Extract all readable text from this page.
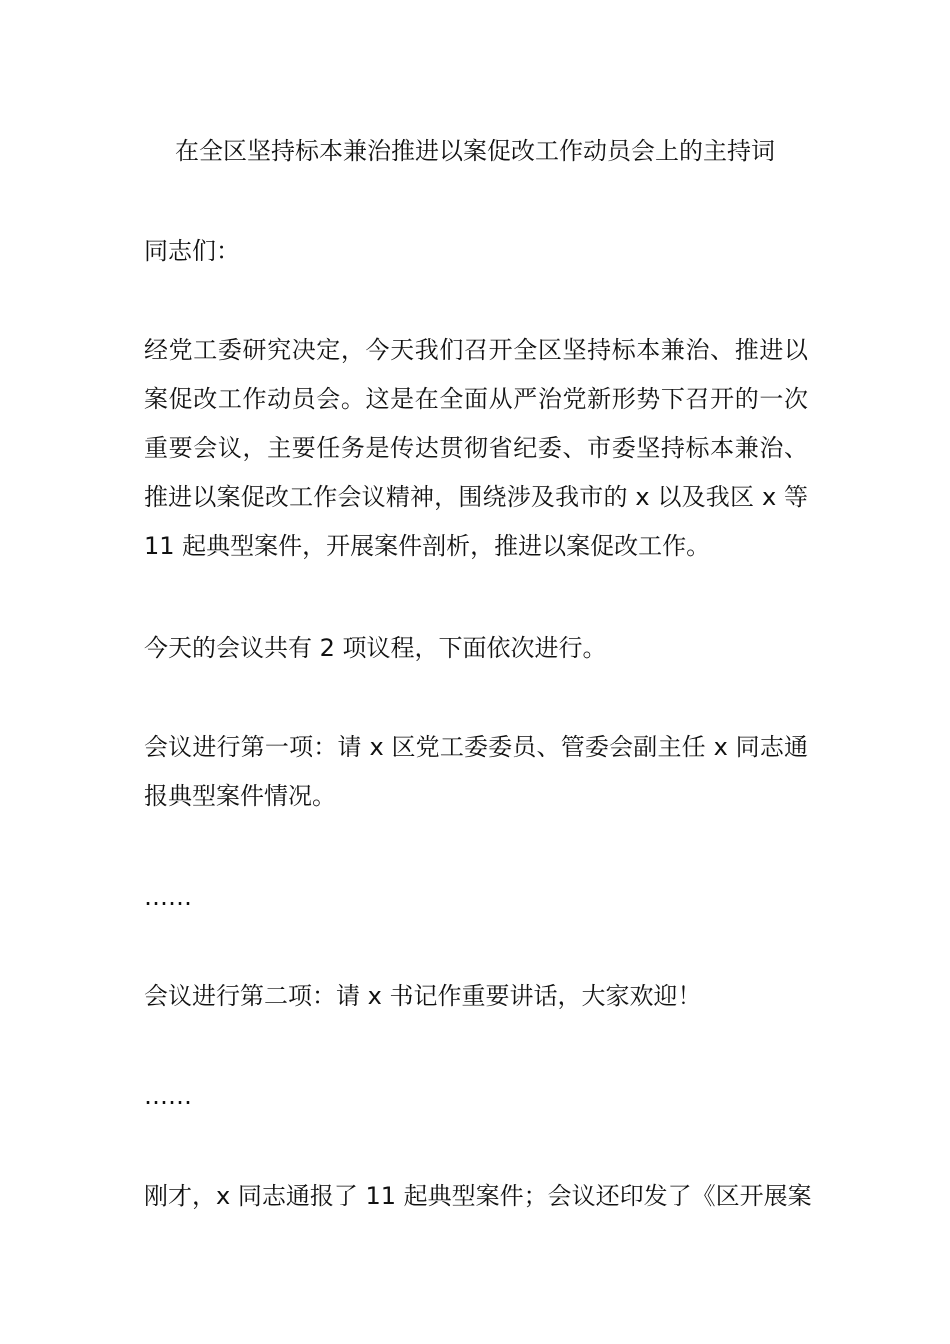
在全区坚持标本兼治推进以案促改工作动员会上的主持词

同志们：

经党工委研究决定，今天我们召开全区坚持标本兼治、推进以
案促改工作动员会。这是在全面从严治党新形势下召开的一次
重要会议，主要任务是传达贯彻省纪委、市委坚持标本兼治、
推进以案促改工作会议精神，围绕涉及我市的 x 以及我区 x 等
11 起典型案件，开展案件剖析，推进以案促改工作。

今天的会议共有 2 项议程，下面依次进行。

会议进行第一项：请 x 区党工委委员、管委会副主任 x 同志通
报典型案件情况。

……

会议进行第二项：请 x 书记作重要讲话，大家欢迎！

……

刚才，x 同志通报了 11 起典型案件；会议还印发了《区开展案
